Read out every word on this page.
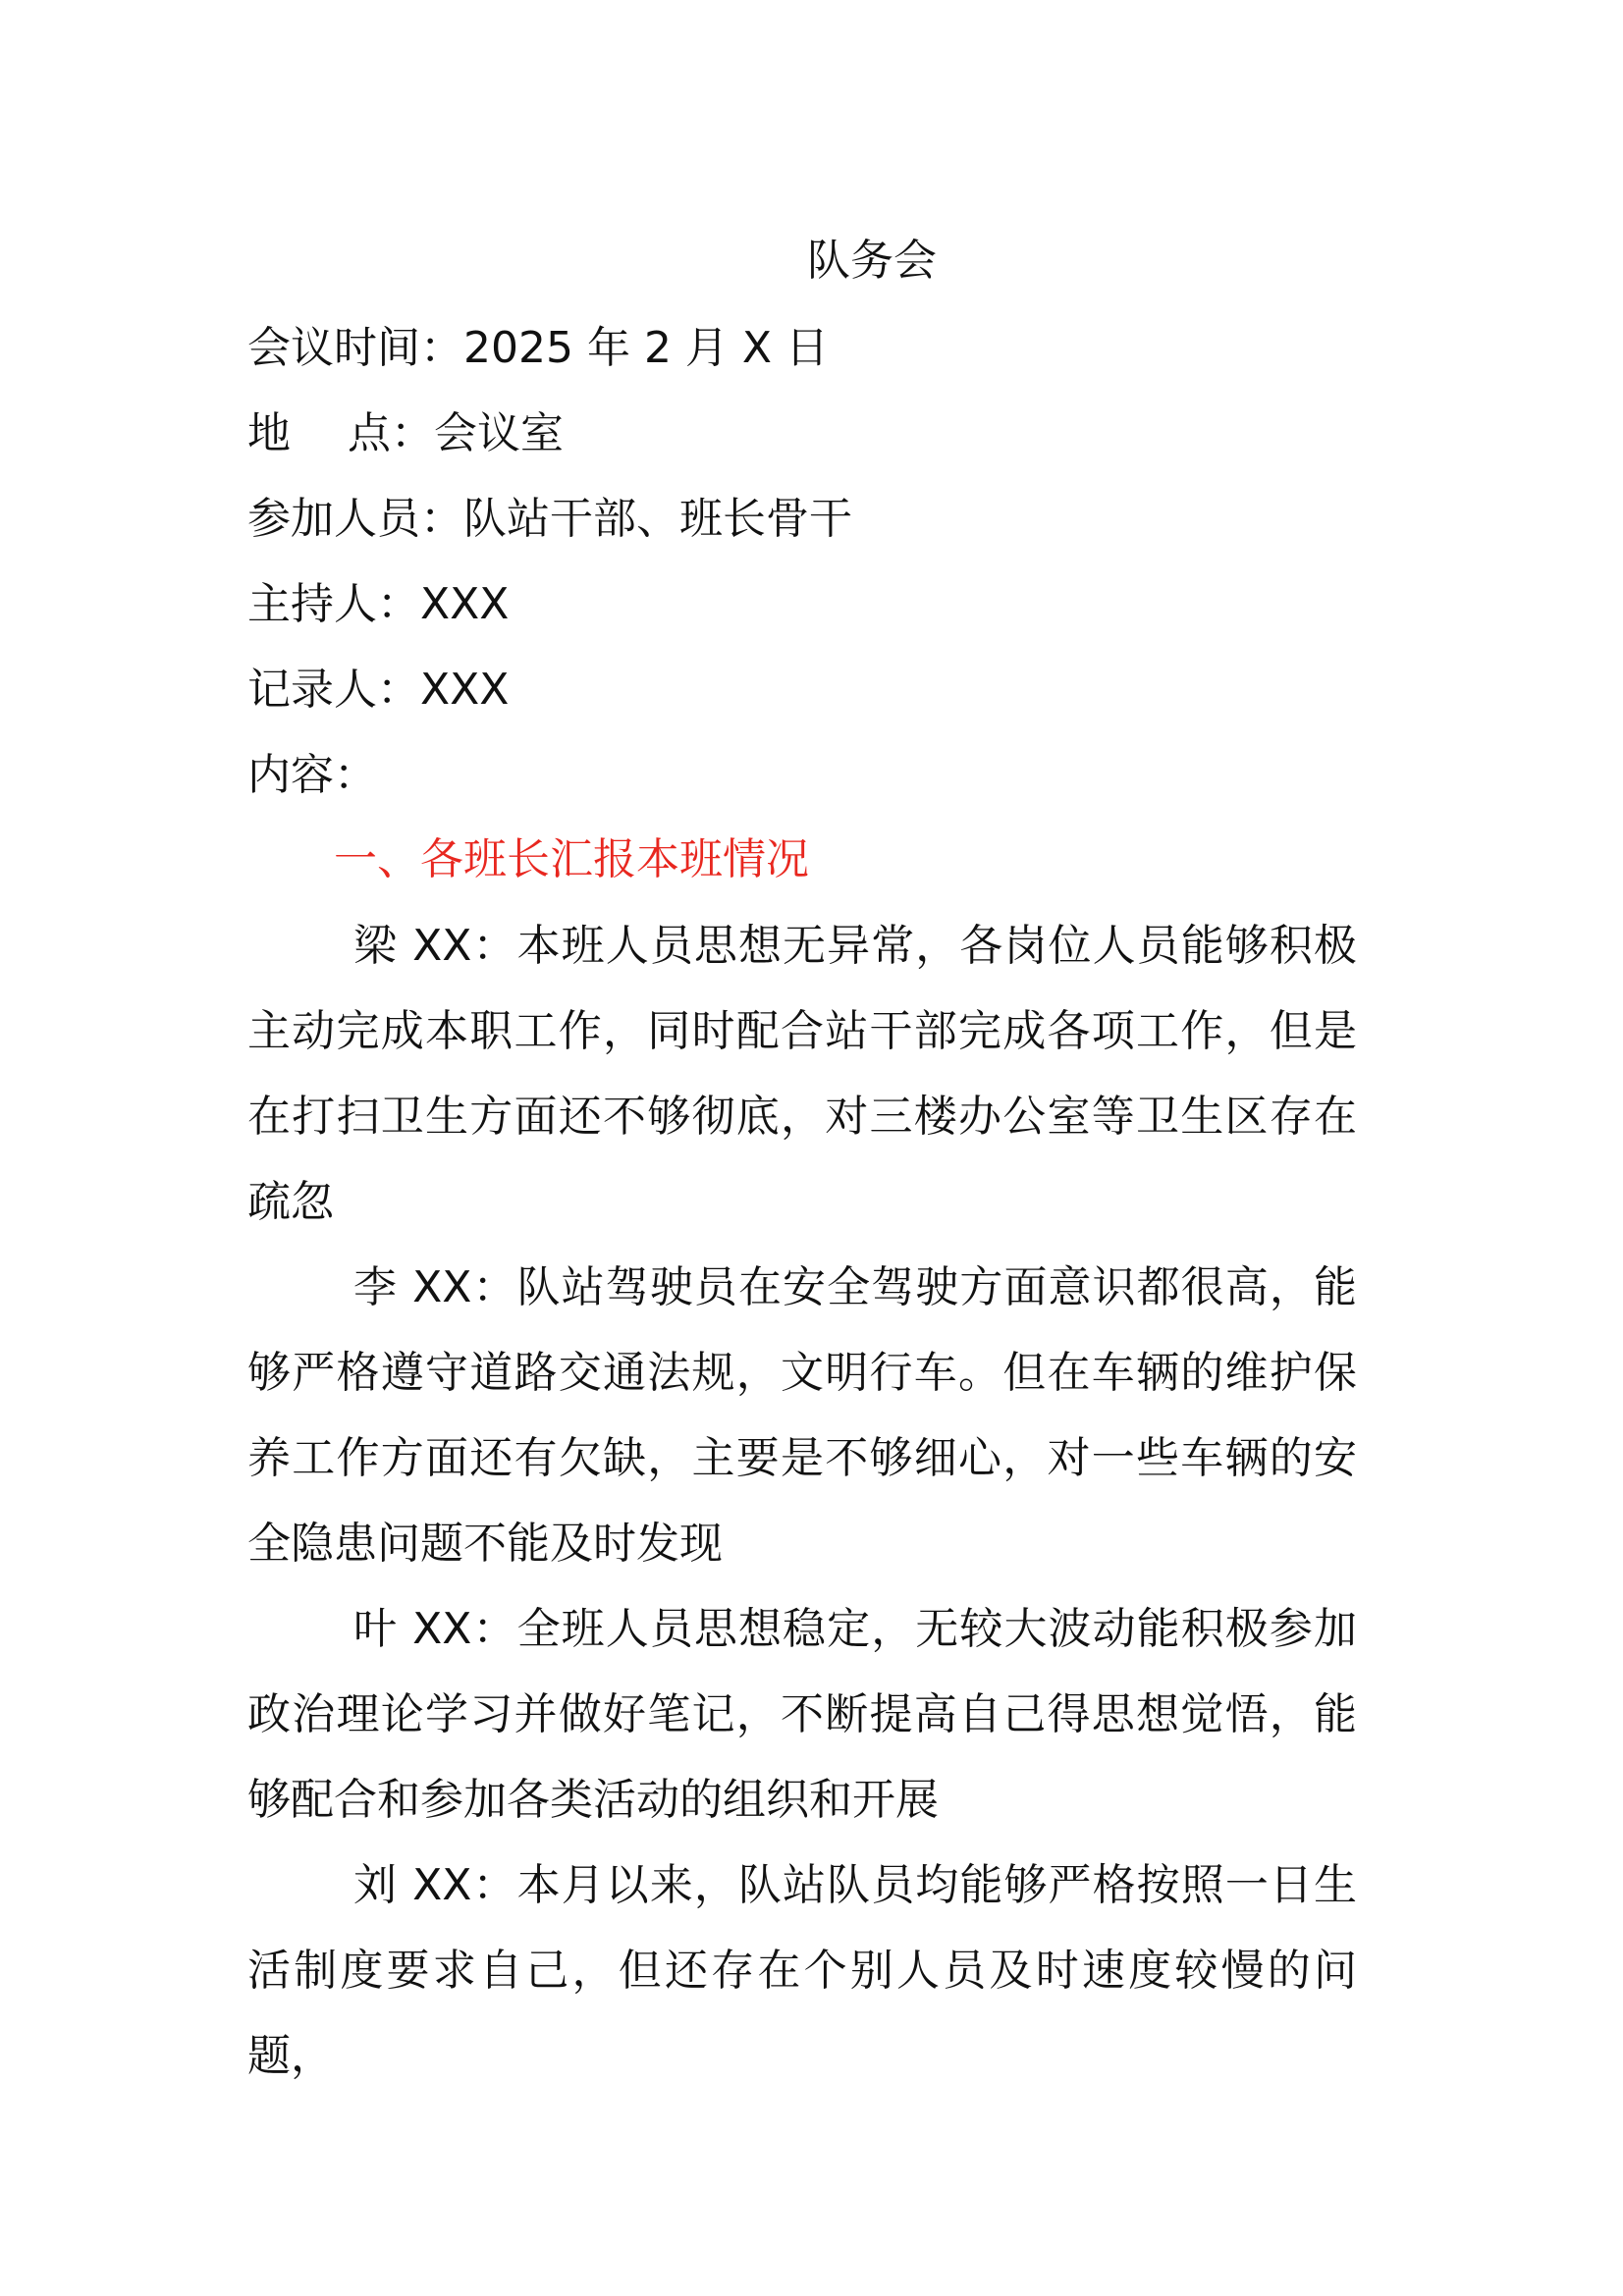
队务会
会议时间：2025 年 2 月 X 日
地　 点：会议室
参加人员：队站干部、班长骨干
主持人：XXX
记录人：XXX
内容：
一、各班长汇报本班情况
梁 XX：本班人员思想无异常，各岗位人员能够积极主动完成本职工作，同时配合站干部完成各项工作，但是在打扫卫生方面还不够彻底，对三楼办公室等卫生区存在疏忽
李 XX：队站驾驶员在安全驾驶方面意识都很高，能够严格遵守道路交通法规，文明行车。但在车辆的维护保养工作方面还有欠缺，主要是不够细心，对一些车辆的安全隐患问题不能及时发现
叶 XX：全班人员思想稳定，无较大波动能积极参加政治理论学习并做好笔记，不断提高自己得思想觉悟，能够配合和参加各类活动的组织和开展
刘 XX：本月以来，队站队员均能够严格按照一日生活制度要求自己，但还存在个别人员及时速度较慢的问题，
